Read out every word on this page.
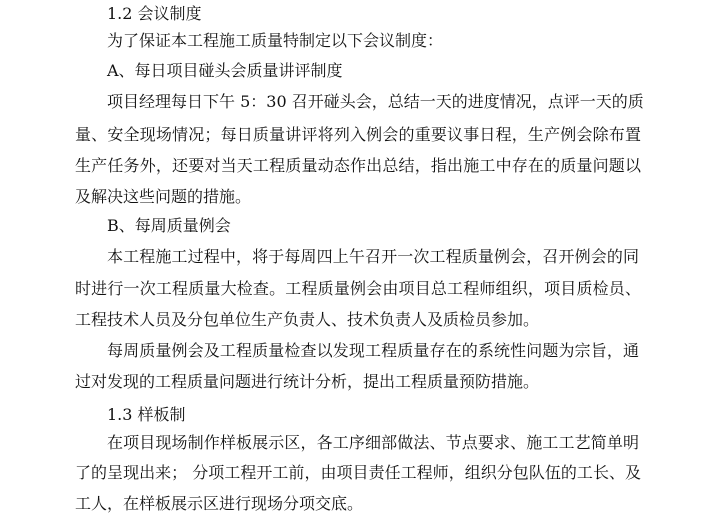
1.2 会议制度
为了保证本工程施工质量特制定以下会议制度：
A、每日项目碰头会质量讲评制度
项目经理每日下午 5：30 召开碰头会，总结一天的进度情况，点评一天的质
量、安全现场情况；每日质量讲评将列入例会的重要议事日程，生产例会除布置
生产任务外，还要对当天工程质量动态作出总结，指出施工中存在的质量问题以
及解决这些问题的措施。
B、每周质量例会
本工程施工过程中，将于每周四上午召开一次工程质量例会，召开例会的同
时进行一次工程质量大检查。工程质量例会由项目总工程师组织，项目质检员、
工程技术人员及分包单位生产负责人、技术负责人及质检员参加。
每周质量例会及工程质量检查以发现工程质量存在的系统性问题为宗旨，通
过对发现的工程质量问题进行统计分析，提出工程质量预防措施。
1.3 样板制
在项目现场制作样板展示区，各工序细部做法、节点要求、施工工艺简单明
了的呈现出来； 分项工程开工前，由项目责任工程师，组织分包队伍的工长、及
工人，在样板展示区进行现场分项交底。
